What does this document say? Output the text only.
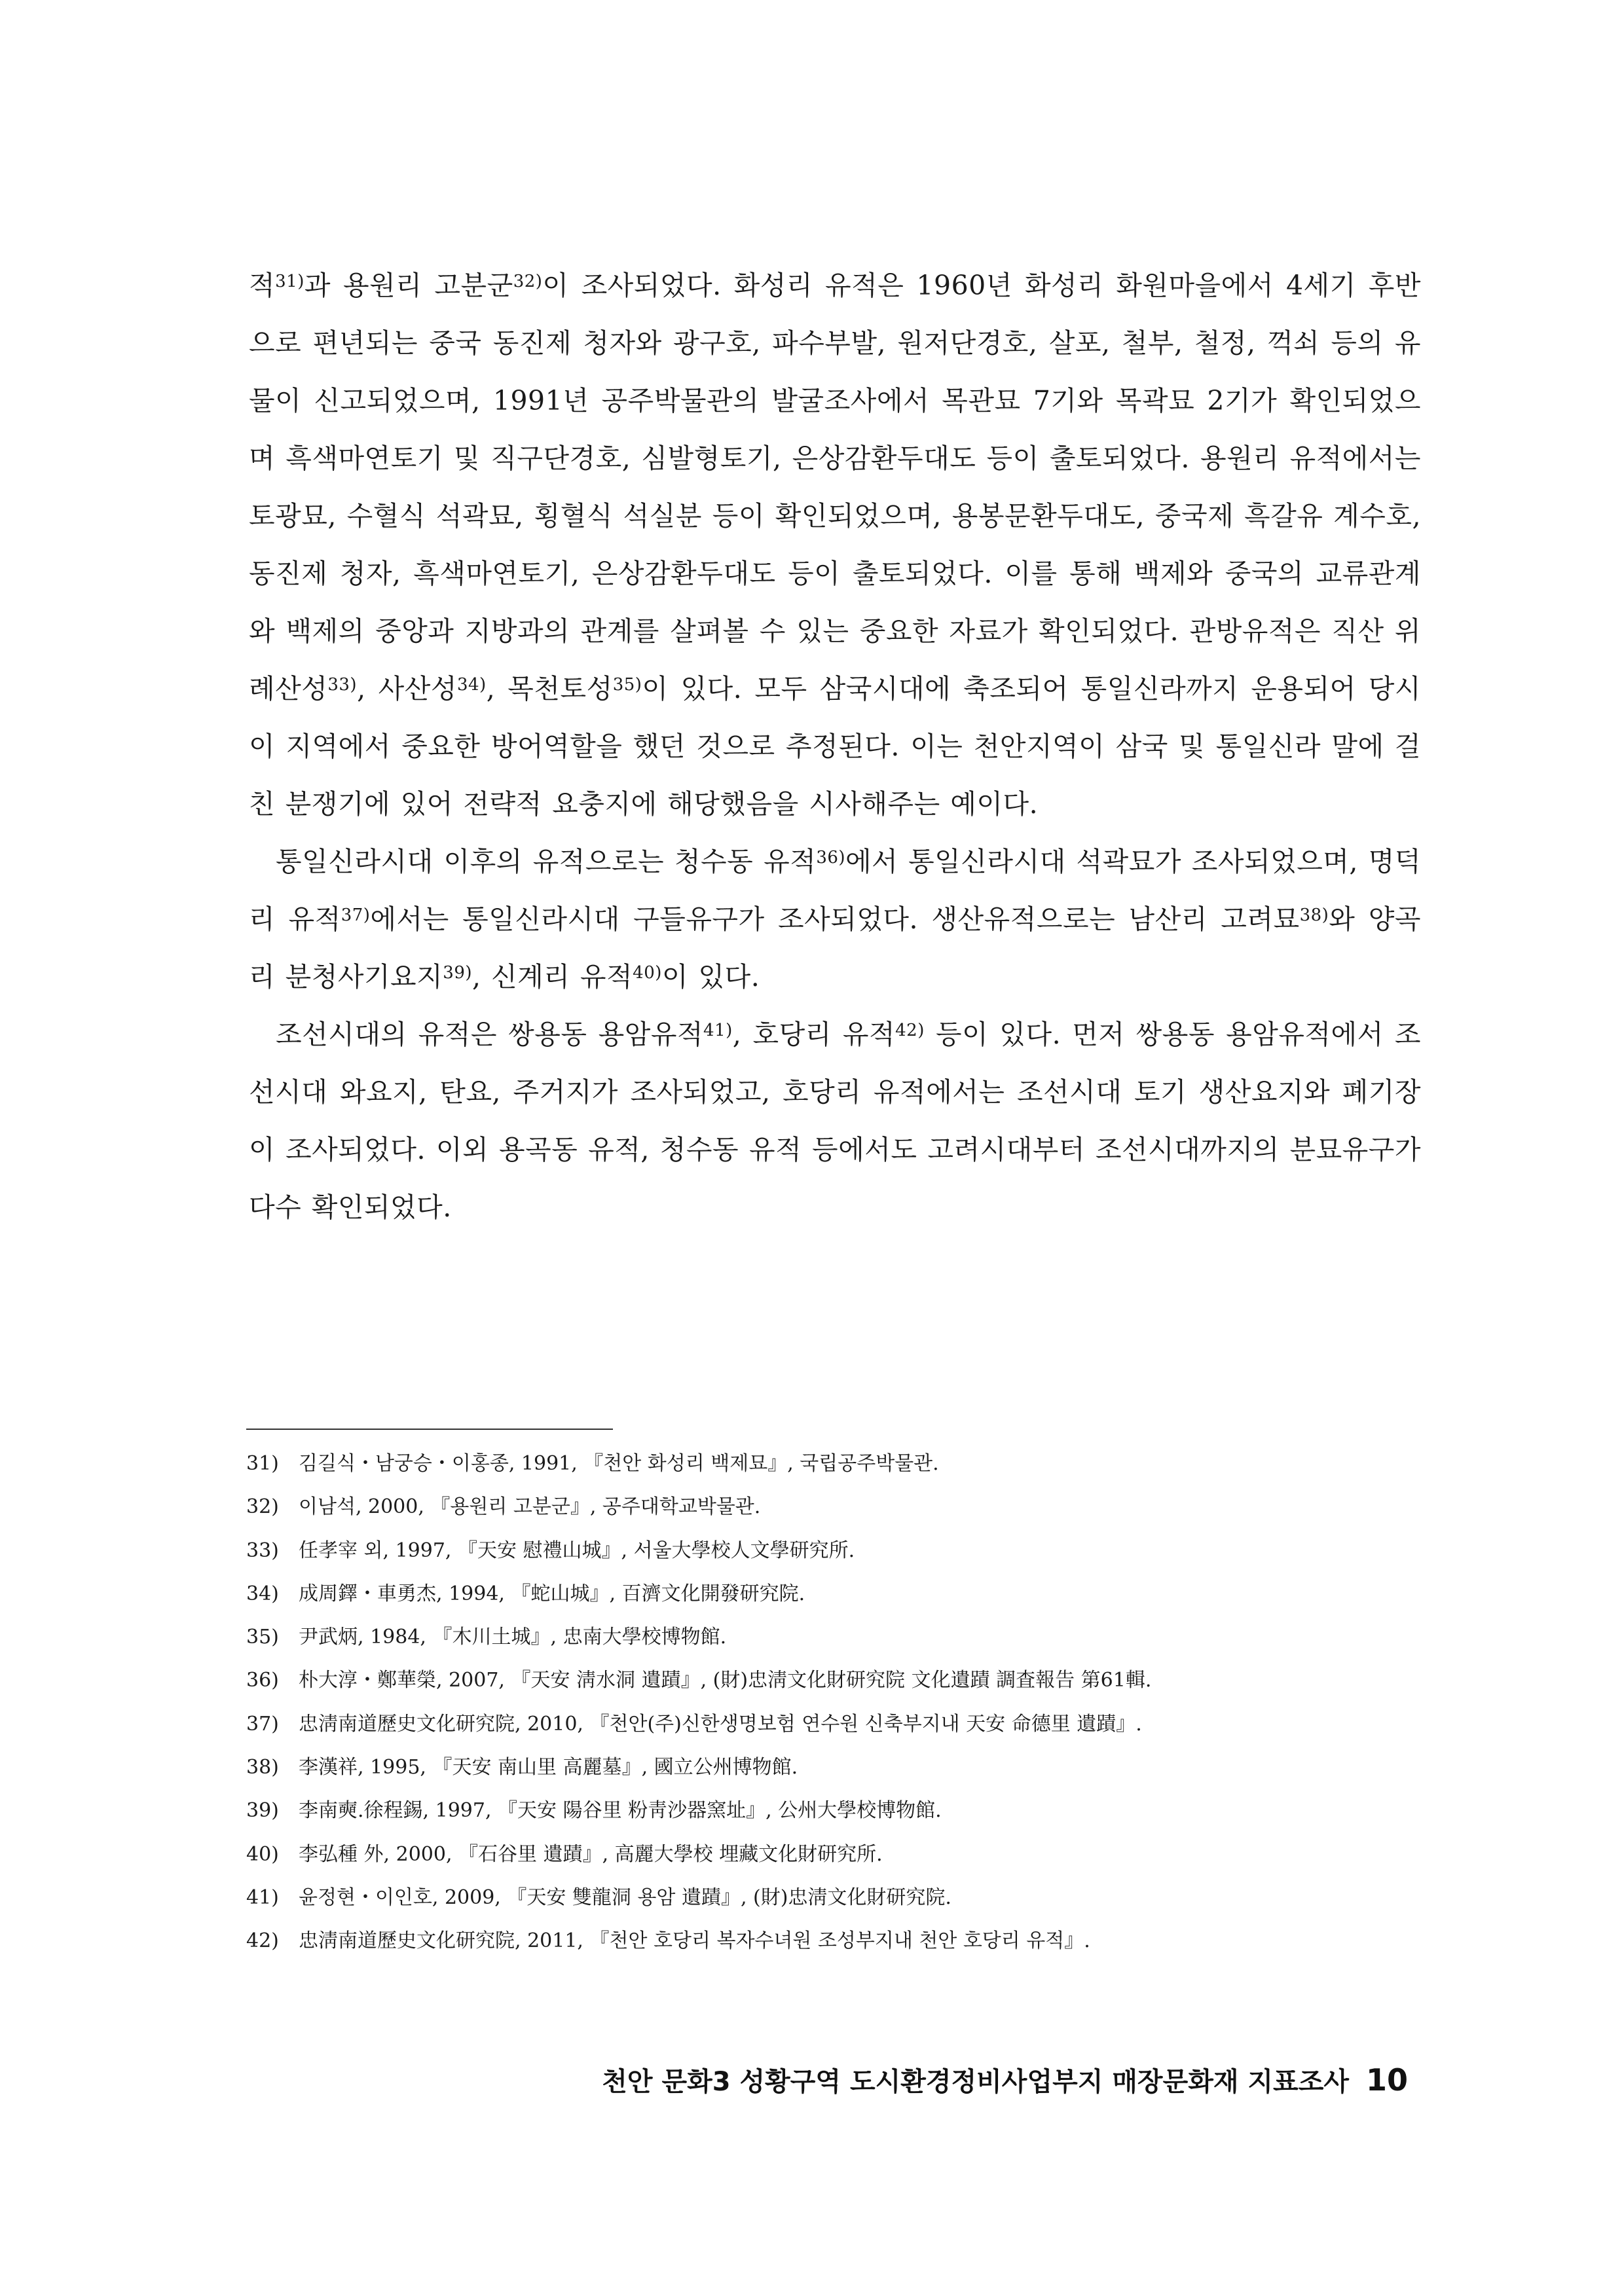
적$^{31)}$과 용원리 고분군$^{32)}$이 조사되었다. 화성리 유적은 1960년 화성리 화원마을에서 4세기 후반으로 편년되는 중국 동진제 청자와 광구호, 파수부발, 원저단경호, 살포, 철부, 철정, 꺽쇠 등의 유물이 신고되었으며, 1991년 공주박물관의 발굴조사에서 목관묘 7기와 목곽묘 2기가 확인되었으며 흑색마연토기 및 직구단경호, 심발형토기, 은상감환두대도 등이 출토되었다. 용원리 유적에서는 토광묘, 수혈식 석곽묘, 횡혈식 석실분 등이 확인되었으며, 용봉문환두대도, 중국제 흑갈유 계수호, 동진제 청자, 흑색마연토기, 은상감환두대도 등이 출토되었다. 이를 통해 백제와 중국의 교류관계와 백제의 중앙과 지방과의 관계를 살펴볼 수 있는 중요한 자료가 확인되었다. 관방유적은 직산 위례산성$^{33)}$, 사산성$^{34)}$, 목천토성$^{35)}$이 있다. 모두 삼국시대에 축조되어 통일신라까지 운용되어 당시 이 지역에서 중요한 방어역할을 했던 것으로 추정된다. 이는 천안지역이 삼국 및 통일신라 말에 걸친 분쟁기에 있어 전략적 요충지에 해당했음을 시사해주는 예이다.

통일신라시대 이후의 유적으로는 청수동 유적$^{36)}$에서 통일신라시대 석곽묘가 조사되었으며, 명덕리 유적$^{37)}$에서는 통일신라시대 구들유구가 조사되었다. 생산유적으로는 남산리 고려묘$^{38)}$와 양곡리 분청사기요지$^{39)}$, 신계리 유적$^{40)}$이 있다.

조선시대의 유적은 쌍용동 용암유적$^{41)}$, 호당리 유적$^{42)}$ 등이 있다. 먼저 쌍용동 용암유적에서 조선시대 와요지, 탄요, 주거지가 조사되었고, 호당리 유적에서는 조선시대 토기 생산요지와 폐기장이 조사되었다. 이외 용곡동 유적, 청수동 유적 등에서도 고려시대부터 조선시대까지의 분묘유구가 다수 확인되었다.

31) 김길식・남궁승・이홍종, 1991, 『천안 화성리 백제묘』, 국립공주박물관.
32) 이남석, 2000, 『용원리 고분군』, 공주대학교박물관.
33) 任孝宰 외, 1997, 『天安 慰禮山城』, 서울大學校人文學研究所.
34) 成周鐸・車勇杰, 1994, 『蛇山城』, 百濟文化開發研究院.
35) 尹武炳, 1984, 『木川土城』, 忠南大學校博物館.
36) 朴大淳・鄭華榮, 2007, 『天安 淸水洞 遺蹟』, (財)忠淸文化財研究院 文化遺蹟 調査報告 第61輯.
37) 忠淸南道歷史文化研究院, 2010, 『천안(주)신한생명보험 연수원 신축부지내 天安 命德里 遺蹟』.
38) 李漢祥, 1995, 『天安 南山里 高麗墓』, 國立公州博物館.
39) 李南奭.徐程錫, 1997, 『天安 陽谷里 粉靑沙器窯址』, 公州大學校博物館.
40) 李弘種 外, 2000, 『石谷里 遺蹟』, 高麗大學校 埋藏文化財研究所.
41) 윤정현・이인호, 2009, 『天安 雙龍洞 용암 遺蹟』, (財)忠淸文化財研究院.
42) 忠淸南道歷史文化研究院, 2011, 『천안 호당리 복자수녀원 조성부지내 천안 호당리 유적』.
천안 문화3 성황구역 도시환경정비사업부지 매장문화재 지표조사 10
